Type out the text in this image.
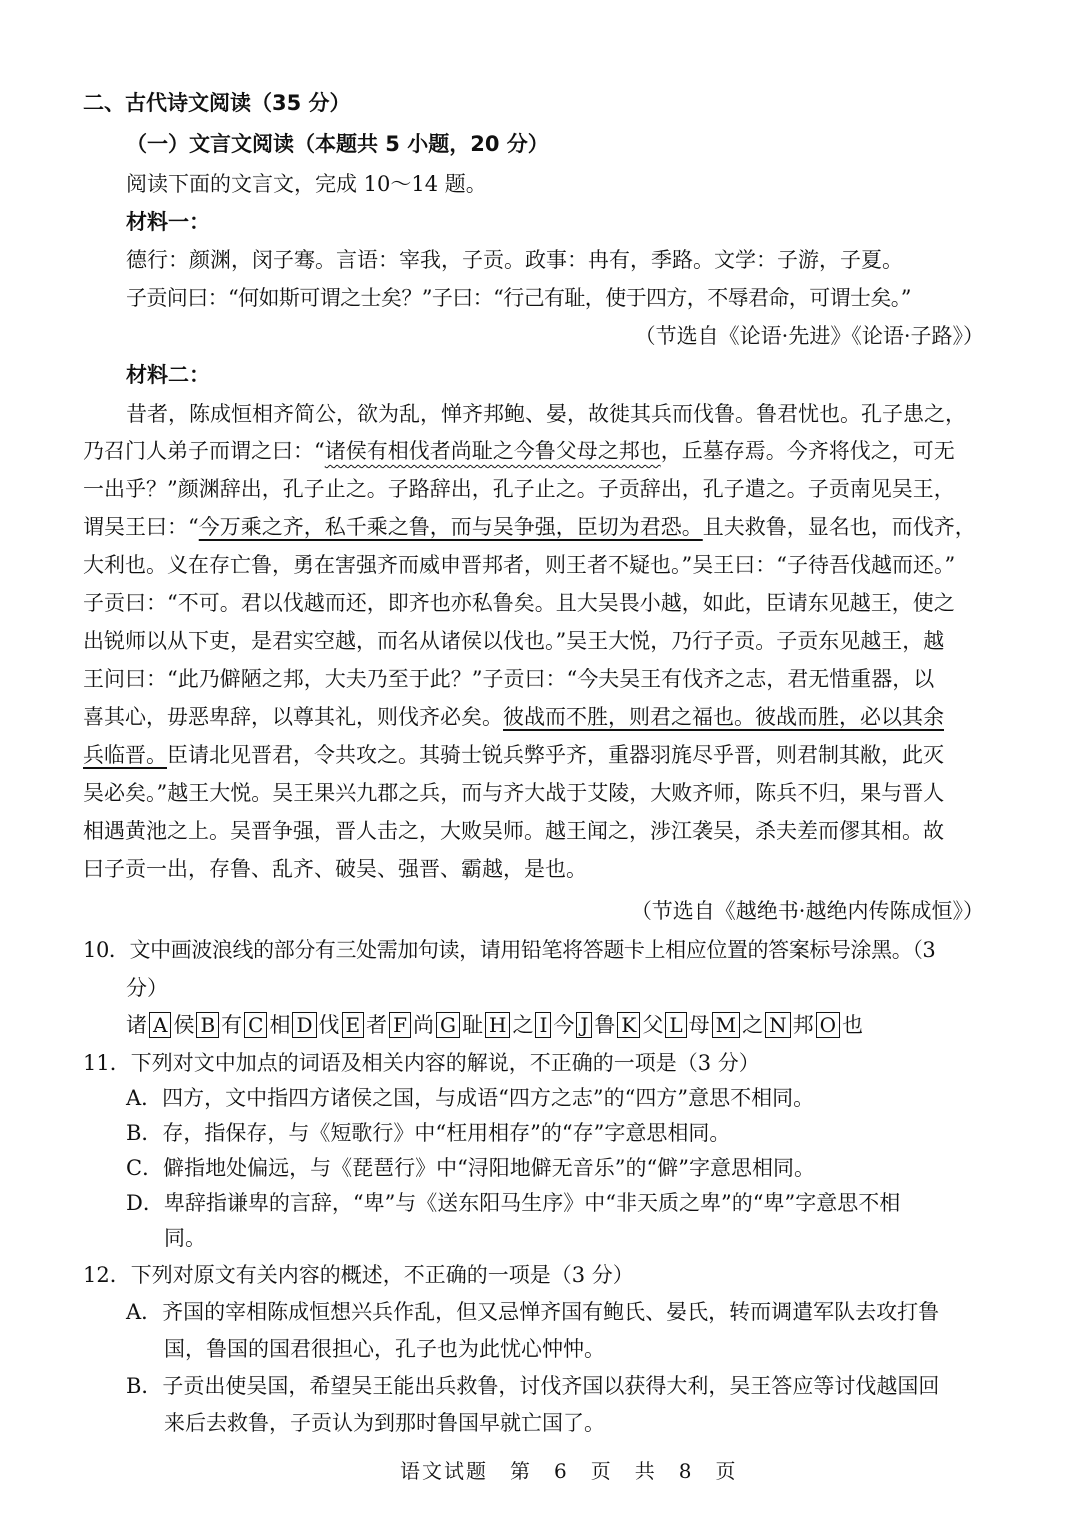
二、古代诗文阅读（35 分）
（一）文言文阅读（本题共 5 小题，20 分）
阅读下面的文言文，完成 10～14 题。
材料一：
德行：颜渊，闵子骞。言语：宰我，子贡。政事：冉有，季路。文学：子游，子夏。
子贡问曰：“何如斯可谓之士矣？”子曰：“行己有耻，使于四方，不辱君命，可谓士矣。”
（节选自《论语·先进》《论语·子路》）
材料二：
昔者，陈成恒相齐简公，欲为乱，惮齐邦鲍、晏，故徙其兵而伐鲁。鲁君忧也。孔子患之，
乃召门人弟子而谓之曰：“诸侯有相伐者尚耻之今鲁父母之邦也，丘墓存焉。今齐将伐之，可无
一出乎？”颜渊辞出，孔子止之。子路辞出，孔子止之。子贡辞出，孔子遣之。子贡南见吴王，
谓吴王曰：“今万乘之齐，私千乘之鲁，而与吴争强，臣切为君恐。且夫救鲁，显名也，而伐齐，
大利也。义在存亡鲁，勇在害强齐而威申晋邦者，则王者不疑也。”吴王曰：“子待吾伐越而还。”
子贡曰：“不可。君以伐越而还，即齐也亦私鲁矣。且大吴畏小越，如此，臣请东见越王，使之
出锐师以从下吏，是君实空越，而名从诸侯以伐也。”吴王大悦，乃行子贡。子贡东见越王，越
王问曰：“此乃僻陋之邦，大夫乃至于此？”子贡曰：“今夫吴王有伐齐之志，君无惜重器，以
喜其心，毋恶卑辞，以尊其礼，则伐齐必矣。彼战而不胜，则君之福也。彼战而胜，必以其余
兵临晋。臣请北见晋君，令共攻之。其骑士锐兵弊乎齐，重器羽旄尽乎晋，则君制其敝，此灭
吴必矣。”越王大悦。吴王果兴九郡之兵，而与齐大战于艾陵，大败齐师，陈兵不归，果与晋人
相遇黄池之上。吴晋争强，晋人击之，大败吴师。越王闻之，涉江袭吴，杀夫差而僇其相。故
曰子贡一出，存鲁、乱齐、破吴、强晋、霸越，是也。
（节选自《越绝书·越绝内传陈成恒》）
10．文中画波浪线的部分有三处需加句读，请用铅笔将答题卡上相应位置的答案标号涂黑。（3
分）
诸 A 侯 B 有 C 相 D 伐 E 者 F 尚 G 耻 H 之 I 今 J 鲁 K 父 L 母 M 之 N 邦 O 也
11．下列对文中加点的词语及相关内容的解说，不正确的一项是（3 分）
A．四方，文中指四方诸侯之国，与成语“四方之志”的“四方”意思不相同。
B．存，指保存，与《短歌行》中“枉用相存”的“存”字意思相同。
C．僻指地处偏远，与《琵琶行》中“浔阳地僻无音乐”的“僻”字意思相同。
D．卑辞指谦卑的言辞，“卑”与《送东阳马生序》中“非天质之卑”的“卑”字意思不相
同。
12．下列对原文有关内容的概述，不正确的一项是（3 分）
A．齐国的宰相陈成恒想兴兵作乱，但又忌惮齐国有鲍氏、晏氏，转而调遣军队去攻打鲁
国，鲁国的国君很担心，孔子也为此忧心忡忡。
B．子贡出使吴国，希望吴王能出兵救鲁，讨伐齐国以获得大利，吴王答应等讨伐越国回
来后去救鲁，子贡认为到那时鲁国早就亡国了。
语文试题　第　6　页　共　8　页
